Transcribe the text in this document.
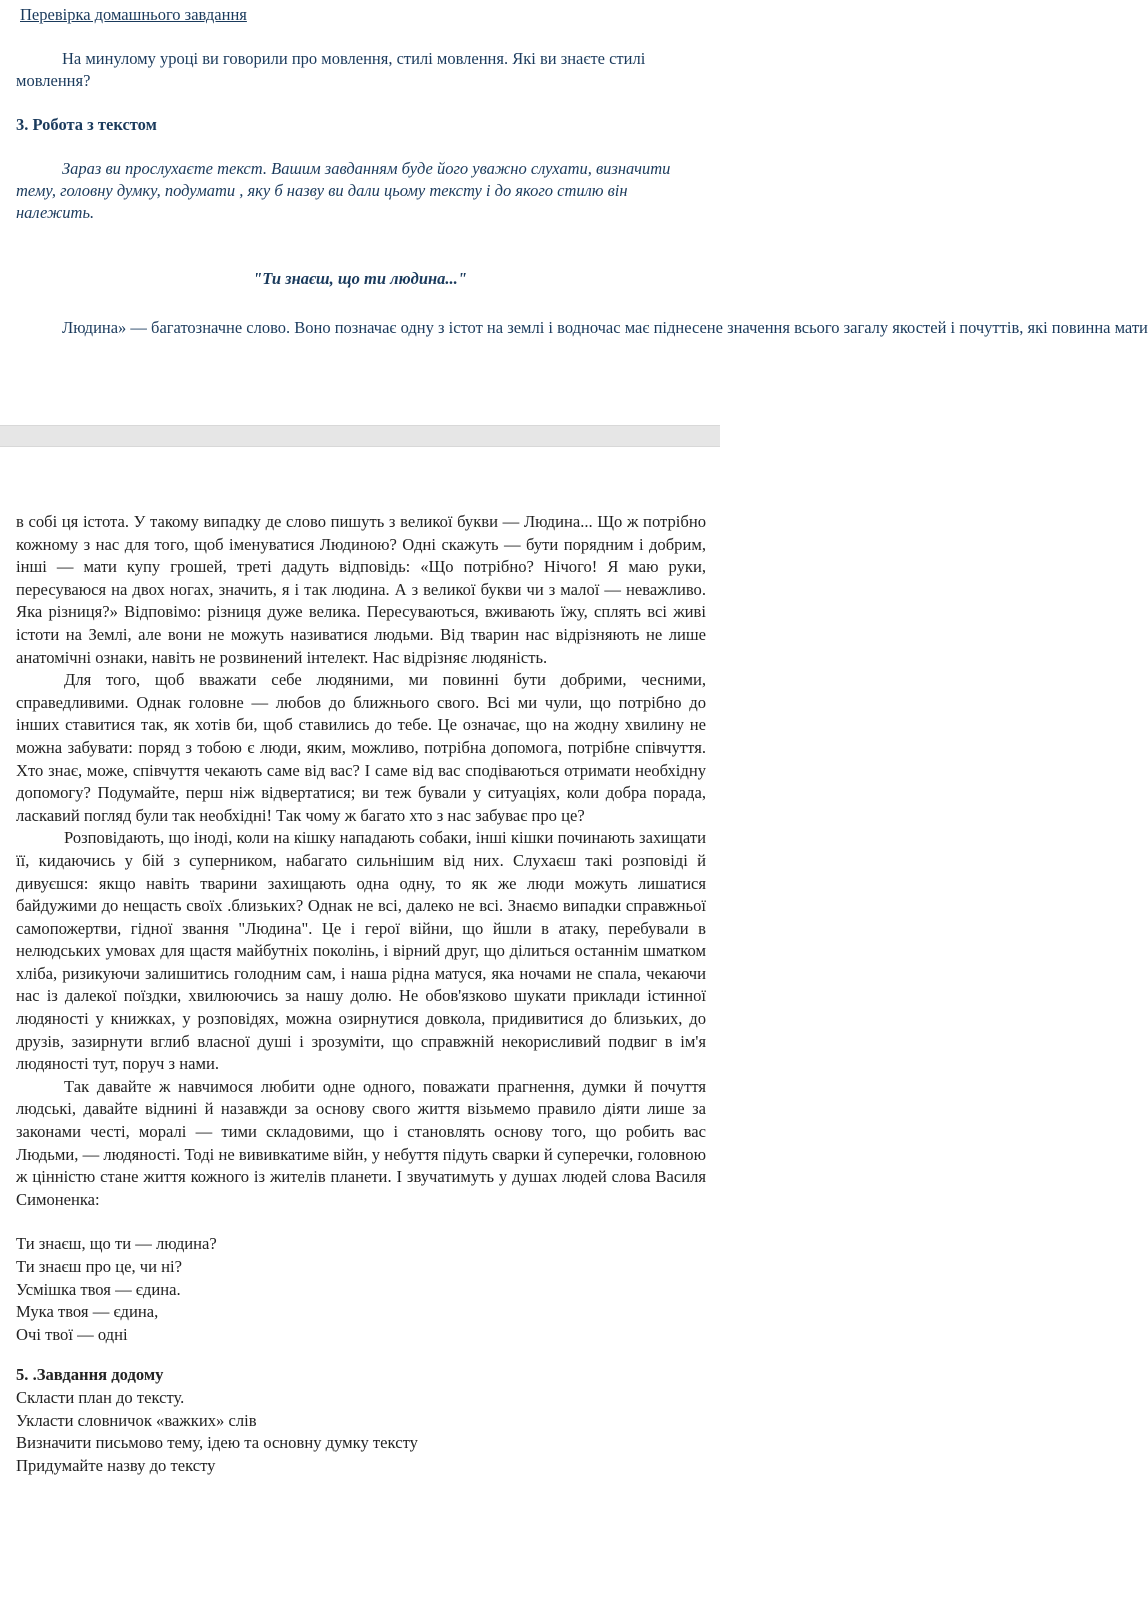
Перевірка домашнього завдання

На минулому уроці ви говорили про мовлення, стилі мовлення. Які ви знаєте стилі мовлення?

3. Робота з текстом

Зараз ви прослухаєте текст. Вашим завданням буде його уважно слухати, визначити тему, головну думку, подумати , яку б назву ви дали цьому тексту і до якого стилю він належить.

"Ти знаєш, що ти людина..."

Людина» — багатозначне слово. Воно позначає одну з істот на землі і водночас має піднесене значення всього загалу якостей і почуттів, які повинна мати

в собі ця істота. У такому випадку де слово пишуть з великої букви — Людина... Що ж потрібно кожному з нас для того, щоб іменуватися Людиною? Одні скажуть — бути порядним і добрим, інші — мати купу грошей, треті дадуть відповідь: «Що потрібно? Нічого! Я маю руки, пересуваюся на двох ногах, значить, я і так людина. А з великої букви чи з малої — неважливо. Яка різниця?» Відповімо: різниця дуже велика. Пересуваються, вживають їжу, сплять всі живі істоти на Землі, але вони не можуть називатися людьми. Від тварин нас відрізняють не лише анатомічні ознаки, навіть не розвинений інтелект. Нас відрізняє людяність.

Для того, щоб вважати себе людяними, ми повинні бути добрими, чесними, справедливими. Однак головне — любов до ближнього свого. Всі ми чули, що потрібно до інших ставитися так, як хотів би, щоб ставились до тебе. Це означає, що на жодну хвилину не можна забувати: поряд з тобою є люди, яким, можливо, потрібна допомога, потрібне співчуття. Хто знає, може, співчуття чекають саме від вас? І саме від вас сподіваються отримати необхідну допомогу? Подумайте, перш ніж відвертатися; ви теж бували у ситуаціях, коли добра порада, ласкавий погляд були так необхідні! Так чому ж багато хто з нас забуває про це?

Розповідають, що іноді, коли на кішку нападають собаки, інші кішки починають захищати її, кидаючись у бій з суперником, набагато сильнішим від них. Слухаєш такі розповіді й дивуєшся: якщо навіть тварини захищають одна одну, то як же люди можуть лишатися байдужими до нещасть своїх .близьких? Однак не всі, далеко не всі. Знаємо випадки справжньої самопожертви, гідної звання "Людина". Це і герої війни, що йшли в атаку, перебували в нелюдських умовах для щастя майбутніх поколінь, і вірний друг, що ділиться останнім шматком хліба, ризикуючи залишитись голодним сам, і наша рідна матуся, яка ночами не спала, чекаючи нас із далекої поїздки, хвилюючись за нашу долю. Не обов'язково шукати приклади істинної людяності у книжках, у розповідях, можна озирнутися довкола, придивитися до близьких, до друзів, зазирнути вглиб власної душі і зрозуміти, що справжній некорисливий подвиг в ім'я людяності тут, поруч з нами.

Так давайте ж навчимося любити одне одного, поважати прагнення, думки й почуття людські, давайте віднині й назавжди за основу свого життя візьмемо правило діяти лише за законами честі, моралі — тими складовими, що і становлять основу того, що робить вас Людьми, — людяності. Тоді не вививкатиме війн, у небуття підуть сварки й суперечки, головною ж цінністю стане життя кожного із жителів планети. І звучатимуть у душах людей слова Василя Симоненка:

Ти знаєш, що ти — людина?
Ти знаєш про це, чи ні?
Усмішка твоя — єдина.
Мука твоя — єдина,
Очі твої — одні
5. .Завдання додому
Скласти план до тексту.
Укласти словничок «важких» слів
Визначити письмово тему, ідею та основну думку тексту
Придумайте назву до тексту
